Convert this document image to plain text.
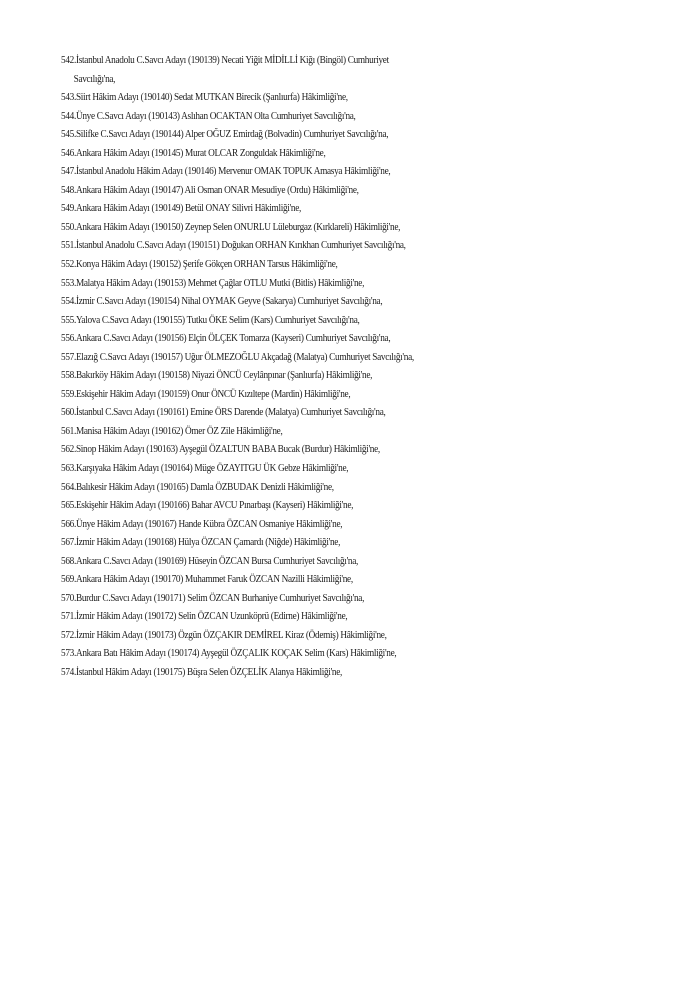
542.İstanbul Anadolu C.Savcı Adayı (190139) Necati Yiğit MİDİLLİ Kiğı (Bingöl) Cumhuriyet
Savcılığı'na,
543.Siirt Hâkim Adayı (190140) Sedat MUTKAN Birecik (Şanlıurfa) Hâkimliği'ne,
544.Ünye C.Savcı Adayı (190143) Aslıhan OCAKTAN Olta Cumhuriyet Savcılığı'na,
545.Silifke C.Savcı Adayı (190144) Alper OĞUZ Emirdağ (Bolvadin) Cumhuriyet Savcılığı'na,
546.Ankara Hâkim Adayı (190145) Murat OLCAR Zonguldak Hâkimliği'ne,
547.İstanbul Anadolu Hâkim Adayı (190146) Mervenur OMAK TOPUK Amasya Hâkimliği'ne,
548.Ankara Hâkim Adayı (190147) Ali Osman ONAR Mesudiye (Ordu) Hâkimliği'ne,
549.Ankara Hâkim Adayı (190149) Betül ONAY Silivri Hâkimliği'ne,
550.Ankara Hâkim Adayı (190150) Zeynep Selen ONURLU Lüleburgaz (Kırklareli) Hâkimliği'ne,
551.İstanbul Anadolu C.Savcı Adayı (190151) Doğukan ORHAN Kırıkhan Cumhuriyet Savcılığı'na,
552.Konya Hâkim Adayı (190152) Şerife Gökçen ORHAN Tarsus Hâkimliği'ne,
553.Malatya Hâkim Adayı (190153) Mehmet Çağlar OTLU Mutki (Bitlis) Hâkimliği'ne,
554.İzmir C.Savcı Adayı (190154) Nihal OYMAK Geyve (Sakarya) Cumhuriyet Savcılığı'na,
555.Yalova C.Savcı Adayı (190155) Tutku ÖKE Selim (Kars) Cumhuriyet Savcılığı'na,
556.Ankara C.Savcı Adayı (190156) Elçin ÖLÇEK Tomarza (Kayseri) Cumhuriyet Savcılığı'na,
557.Elazığ C.Savcı Adayı (190157) Uğur ÖLMEZOĞLU Akçadağ (Malatya) Cumhuriyet Savcılığı'na,
558.Bakırköy Hâkim Adayı (190158) Niyazi ÖNCÜ Ceylânpınar (Şanlıurfa) Hâkimliği'ne,
559.Eskişehir Hâkim Adayı (190159) Onur ÖNCÜ Kızıltepe (Mardin) Hâkimliği'ne,
560.İstanbul C.Savcı Adayı (190161) Emine ÖRS Darende (Malatya) Cumhuriyet Savcılığı'na,
561.Manisa Hâkim Adayı (190162) Ömer ÖZ Zile Hâkimliği'ne,
562.Sinop Hâkim Adayı (190163) Ayşegül ÖZALTUN BABA Bucak (Burdur) Hâkimliği'ne,
563.Karşıyaka Hâkim Adayı (190164) Müge ÖZAYITGU ÜK Gebze Hâkimliği'ne,
564.Balıkesir Hâkim Adayı (190165) Damla ÖZBUDAK Denizli Hâkimliği'ne,
565.Eskişehir Hâkim Adayı (190166) Bahar AVCU Pınarbaşı (Kayseri) Hâkimliği'ne,
566.Ünye Hâkim Adayı (190167) Hande Kübra ÖZCAN Osmaniye Hâkimliği'ne,
567.İzmir Hâkim Adayı (190168) Hülya ÖZCAN Çamardı (Niğde) Hâkimliği'ne,
568.Ankara C.Savcı Adayı (190169) Hüseyin ÖZCAN Bursa Cumhuriyet Savcılığı'na,
569.Ankara Hâkim Adayı (190170) Muhammet Faruk ÖZCAN Nazilli Hâkimliği'ne,
570.Burdur C.Savcı Adayı (190171) Selim ÖZCAN Burhaniye Cumhuriyet Savcılığı'na,
571.İzmir Hâkim Adayı (190172) Selin ÖZCAN Uzunköprü (Edirne) Hâkimliği'ne,
572.İzmir Hâkim Adayı (190173) Özgün ÖZÇAKIR DEMİREL Kiraz (Ödemiş) Hâkimliği'ne,
573.Ankara Batı Hâkim Adayı (190174) Ayşegül ÖZÇALIK KOÇAK Selim (Kars) Hâkimliği'ne,
574.İstanbul Hâkim Adayı (190175) Büşra Selen ÖZÇELİK Alanya Hâkimliği'ne,
